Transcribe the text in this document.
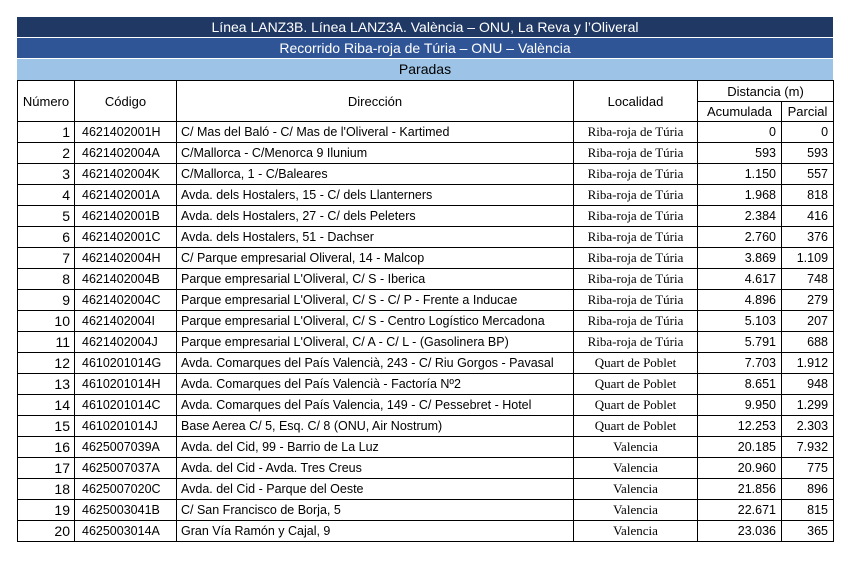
Línea LANZ3B. Línea LANZ3A. València – ONU, La Reva y l’Oliveral
Recorrido Riba-roja de Túria – ONU – València
Paradas
Número	Código	Dirección	Localidad	Distancia (m)	
				Acumulada	Parcial
1	4621402001H	C/ Mas del Baló - C/ Mas de l'Oliveral - Kartimed	Riba-roja de Túria	0	0
2	4621402004A	C/Mallorca - C/Menorca 9 Ilunium	Riba-roja de Túria	593	593
3	4621402004K	C/Mallorca, 1 - C/Baleares	Riba-roja de Túria	1.150	557
4	4621402001A	Avda. dels Hostalers, 15 - C/ dels Llanterners	Riba-roja de Túria	1.968	818
5	4621402001B	Avda. dels Hostalers, 27 - C/ dels Peleters	Riba-roja de Túria	2.384	416
6	4621402001C	Avda. dels Hostalers, 51 - Dachser	Riba-roja de Túria	2.760	376
7	4621402004H	C/ Parque empresarial Oliveral, 14 - Malcop	Riba-roja de Túria	3.869	1.109
8	4621402004B	Parque empresarial L'Oliveral, C/ S - Iberica	Riba-roja de Túria	4.617	748
9	4621402004C	Parque empresarial L'Oliveral, C/ S - C/ P - Frente a Inducae	Riba-roja de Túria	4.896	279
10	4621402004I	Parque empresarial L'Oliveral, C/ S - Centro Logístico Mercadona	Riba-roja de Túria	5.103	207
11	4621402004J	Parque empresarial L'Oliveral, C/ A - C/ L - (Gasolinera BP)	Riba-roja de Túria	5.791	688
12	4610201014G	Avda. Comarques del País Valencià, 243 - C/ Riu Gorgos - Pavasal	Quart de Poblet	7.703	1.912
13	4610201014H	Avda. Comarques del País Valencià - Factoría Nº2	Quart de Poblet	8.651	948
14	4610201014C	Avda. Comarques del País Valencia, 149 - C/ Pessebret - Hotel	Quart de Poblet	9.950	1.299
15	4610201014J	Base Aerea C/ 5, Esq. C/ 8 (ONU, Air Nostrum)	Quart de Poblet	12.253	2.303
16	4625007039A	Avda. del Cid, 99 - Barrio de La Luz	Valencia	20.185	7.932
17	4625007037A	Avda. del Cid - Avda. Tres Creus	Valencia	20.960	775
18	4625007020C	Avda. del Cid - Parque del Oeste	Valencia	21.856	896
19	4625003041B	C/ San Francisco de Borja, 5	Valencia	22.671	815
20	4625003014A	Gran Vía Ramón y Cajal, 9	Valencia	23.036	365
